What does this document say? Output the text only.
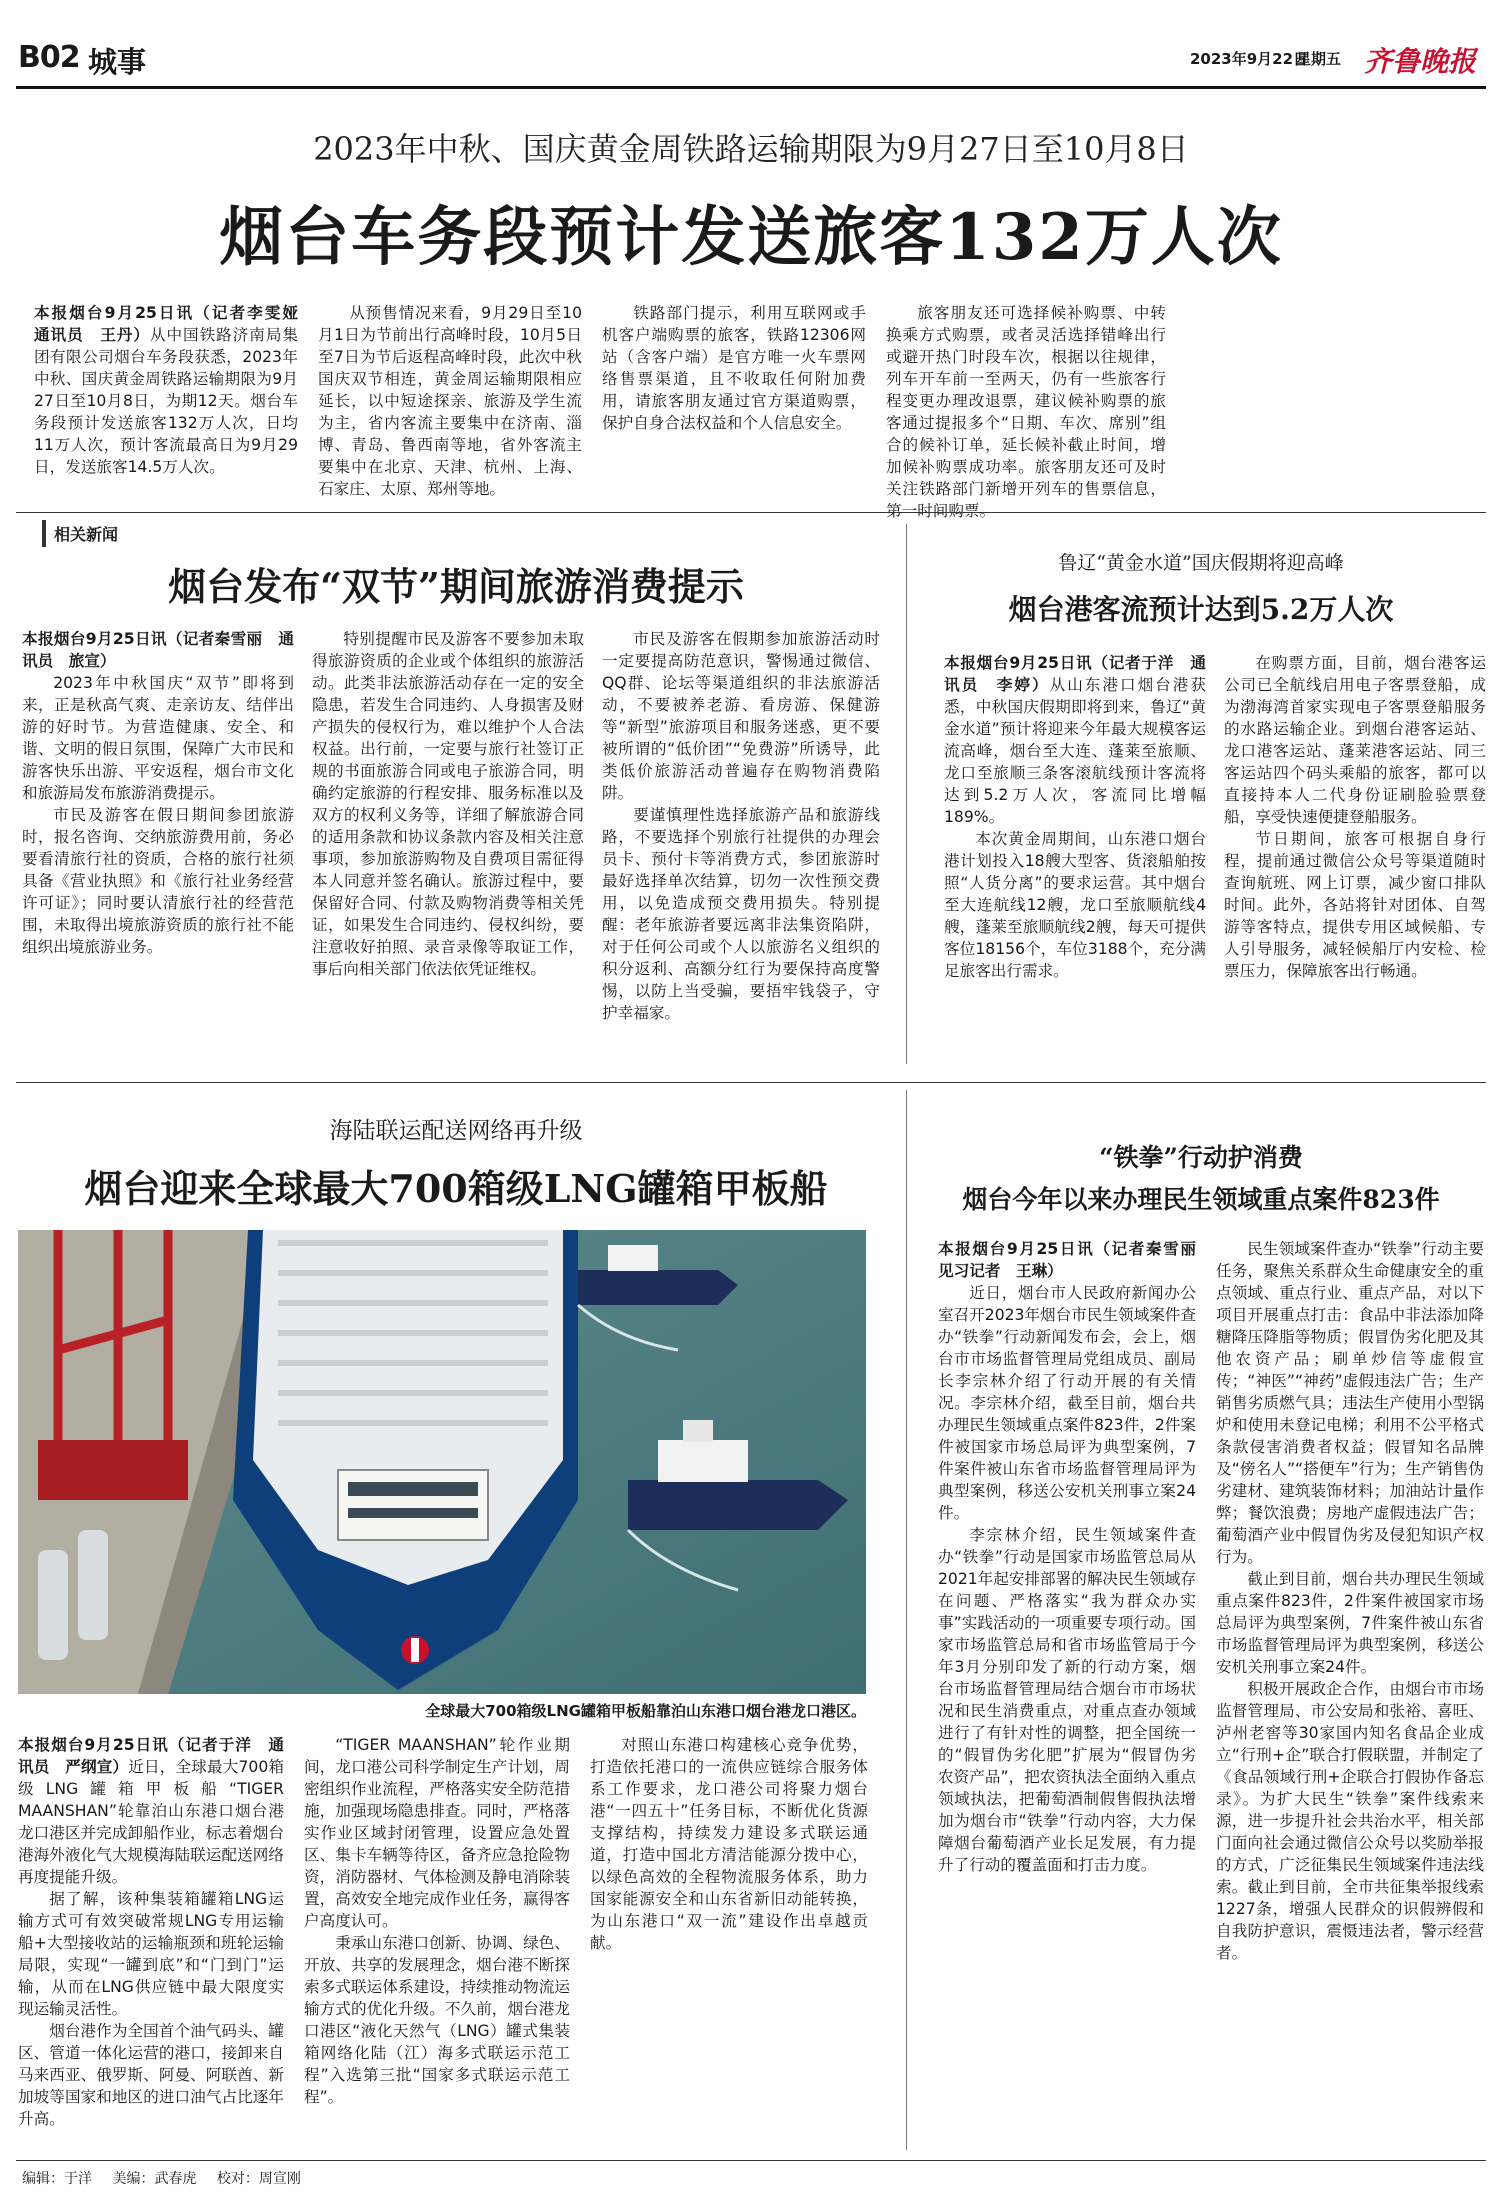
B02 城事	2023年9月22日
星期五 齐鲁晚报
2023年中秋、国庆黄金周铁路运输期限为9月27日至10月8日
烟台车务段预计发送旅客132万人次

本报烟台9月25日讯（记者李雯娅　通讯员　王丹）从中国铁路济南局集团有限公司烟台车务段获悉，2023年中秋、国庆黄金周铁路运输期限为9月27日至10月8日，为期12天。烟台车务段预计发送旅客132万人次，日均11万人次，预计客流最高日为9月29日，发送旅客14.5万人次。

从预售情况来看，9月29日至10月1日为节前出行高峰时段，10月5日至7日为节后返程高峰时段，此次中秋国庆双节相连，黄金周运输期限相应延长，以中短途探亲、旅游及学生流为主，省内客流主要集中在济南、淄博、青岛、鲁西南等地，省外客流主要集中在北京、天津、杭州、上海、石家庄、太原、郑州等地。

铁路部门提示，利用互联网或手机客户端购票的旅客，铁路12306网站（含客户端）是官方唯一火车票网络售票渠道，且不收取任何附加费用，请旅客朋友通过官方渠道购票，保护自身合法权益和个人信息安全。

旅客朋友还可选择候补购票、中转换乘方式购票，或者灵活选择错峰出行或避开热门时段车次，根据以往规律，列车开车前一至两天，仍有一些旅客行程变更办理改退票，建议候补购票的旅客通过提报多个“日期、车次、席别”组合的候补订单，延长候补截止时间，增加候补购票成功率。旅客朋友还可及时关注铁路部门新增开列车的售票信息，第一时间购票。

相关新闻
烟台发布“双节”期间旅游消费提示

本报烟台9月25日讯（记者秦雪丽　通讯员　旅宣）

2023年中秋国庆“双节”即将到来，正是秋高气爽、走亲访友、结伴出游的好时节。为营造健康、安全、和谐、文明的假日氛围，保障广大市民和游客快乐出游、平安返程，烟台市文化和旅游局发布旅游消费提示。

市民及游客在假日期间参团旅游时，报名咨询、交纳旅游费用前，务必要看清旅行社的资质，合格的旅行社须具备《营业执照》和《旅行社业务经营许可证》；同时要认清旅行社的经营范围，未取得出境旅游资质的旅行社不能组织出境旅游业务。

特别提醒市民及游客不要参加未取得旅游资质的企业或个体组织的旅游活动。此类非法旅游活动存在一定的安全隐患，若发生合同违约、人身损害及财产损失的侵权行为，难以维护个人合法权益。出行前，一定要与旅行社签订正规的书面旅游合同或电子旅游合同，明确约定旅游的行程安排、服务标准以及双方的权利义务等，详细了解旅游合同的适用条款和协议条款内容及相关注意事项，参加旅游购物及自费项目需征得本人同意并签名确认。旅游过程中，要保留好合同、付款及购物消费等相关凭证，如果发生合同违约、侵权纠纷，要注意收好拍照、录音录像等取证工作，事后向相关部门依法依凭证维权。

市民及游客在假期参加旅游活动时一定要提高防范意识，警惕通过微信、QQ群、论坛等渠道组织的非法旅游活动，不要被养老游、看房游、保健游等“新型”旅游项目和服务迷惑，更不要被所谓的“低价团”“免费游”所诱导，此类低价旅游活动普遍存在购物消费陷阱。

要谨慎理性选择旅游产品和旅游线路，不要选择个别旅行社提供的办理会员卡、预付卡等消费方式，参团旅游时最好选择单次结算，切勿一次性预交费用，以免造成预交费用损失。特别提醒：老年旅游者要远离非法集资陷阱，对于任何公司或个人以旅游名义组织的积分返利、高额分红行为要保持高度警惕，以防上当受骗，要捂牢钱袋子，守护幸福家。

鲁辽“黄金水道”国庆假期将迎高峰
烟台港客流预计达到5.2万人次

本报烟台9月25日讯（记者于洋　通讯员　李婷）从山东港口烟台港获悉，中秋国庆假期即将到来，鲁辽“黄金水道”预计将迎来今年最大规模客运流高峰，烟台至大连、蓬莱至旅顺、龙口至旅顺三条客滚航线预计客流将达到5.2万人次，客流同比增幅189%。

本次黄金周期间，山东港口烟台港计划投入18艘大型客、货滚船舶按照“人货分离”的要求运营。其中烟台至大连航线12艘，龙口至旅顺航线4艘，蓬莱至旅顺航线2艘，每天可提供客位18156个，车位3188个，充分满足旅客出行需求。

在购票方面，目前，烟台港客运公司已全航线启用电子客票登船，成为渤海湾首家实现电子客票登船服务的水路运输企业。到烟台港客运站、龙口港客运站、蓬莱港客运站、同三客运站四个码头乘船的旅客，都可以直接持本人二代身份证刷脸验票登船，享受快速便捷登船服务。

节日期间，旅客可根据自身行程，提前通过微信公众号等渠道随时查询航班、网上订票，减少窗口排队时间。此外，各站将针对团体、自驾游等客特点，提供专用区域候船、专人引导服务，减轻候船厅内安检、检票压力，保障旅客出行畅通。

海陆联运配送网络再升级
烟台迎来全球最大700箱级LNG罐箱甲板船
全球最大700箱级LNG罐箱甲板船靠泊山东港口烟台港龙口港区。

本报烟台9月25日讯（记者于洋　通讯员　严纲宣）近日，全球最大700箱级LNG罐箱甲板船“TIGER MAANSHAN”轮靠泊山东港口烟台港龙口港区并完成卸船作业，标志着烟台港海外液化气大规模海陆联运配送网络再度提能升级。

据了解，该种集装箱罐箱LNG运输方式可有效突破常规LNG专用运输船+大型接收站的运输瓶颈和班轮运输局限，实现“一罐到底”和“门到门”运输，从而在LNG供应链中最大限度实现运输灵活性。

烟台港作为全国首个油气码头、罐区、管道一体化运营的港口，接卸来自马来西亚、俄罗斯、阿曼、阿联酋、新加坡等国家和地区的进口油气占比逐年升高。

“TIGER MAANSHAN”轮作业期间，龙口港公司科学制定生产计划，周密组织作业流程，严格落实安全防范措施，加强现场隐患排查。同时，严格落实作业区域封闭管理，设置应急处置区、集卡车辆等待区，备齐应急抢险物资，消防器材、气体检测及静电消除装置，高效安全地完成作业任务，赢得客户高度认可。

秉承山东港口创新、协调、绿色、开放、共享的发展理念，烟台港不断探索多式联运体系建设，持续推动物流运输方式的优化升级。不久前，烟台港龙口港区“液化天然气（LNG）罐式集装箱网络化陆（江）海多式联运示范工程”入选第三批“国家多式联运示范工程”。

对照山东港口构建核心竞争优势，打造依托港口的一流供应链综合服务体系工作要求，龙口港公司将聚力烟台港“一四五十”任务目标，不断优化货源支撑结构，持续发力建设多式联运通道，打造中国北方清洁能源分拨中心，以绿色高效的全程物流服务体系，助力国家能源安全和山东省新旧动能转换，为山东港口“双一流”建设作出卓越贡献。

“铁拳”行动护消费
烟台今年以来办理民生领域重点案件823件

本报烟台9月25日讯（记者秦雪丽　见习记者　王琳）

近日，烟台市人民政府新闻办公室召开2023年烟台市民生领域案件查办“铁拳”行动新闻发布会，会上，烟台市市场监督管理局党组成员、副局长李宗林介绍了行动开展的有关情况。李宗林介绍，截至目前，烟台共办理民生领域重点案件823件，2件案件被国家市场总局评为典型案例，7件案件被山东省市场监督管理局评为典型案例，移送公安机关刑事立案24件。

李宗林介绍，民生领域案件查办“铁拳”行动是国家市场监管总局从2021年起安排部署的解决民生领域存在问题、严格落实“我为群众办实事”实践活动的一项重要专项行动。国家市场监管总局和省市场监管局于今年3月分别印发了新的行动方案，烟台市场监督管理局结合烟台市市场状况和民生消费重点，对重点查办领域进行了有针对性的调整，把全国统一的“假冒伪劣化肥”扩展为“假冒伪劣农资产品”，把农资执法全面纳入重点领域执法，把葡萄酒制假售假执法增加为烟台市“铁拳”行动内容，大力保障烟台葡萄酒产业长足发展，有力提升了行动的覆盖面和打击力度。

民生领域案件查办“铁拳”行动主要任务，聚焦关系群众生命健康安全的重点领域、重点行业、重点产品，对以下项目开展重点打击：食品中非法添加降糖降压降脂等物质；假冒伪劣化肥及其他农资产品；刷单炒信等虚假宣传；“神医”“神药”虚假违法广告；生产销售劣质燃气具；违法生产使用小型锅炉和使用未登记电梯；利用不公平格式条款侵害消费者权益；假冒知名品牌及“傍名人”“搭便车”行为；生产销售伪劣建材、建筑装饰材料；加油站计量作弊；餐饮浪费；房地产虚假违法广告；葡萄酒产业中假冒伪劣及侵犯知识产权行为。

截止到目前，烟台共办理民生领域重点案件823件，2件案件被国家市场总局评为典型案例，7件案件被山东省市场监督管理局评为典型案例，移送公安机关刑事立案24件。

积极开展政企合作，由烟台市市场监督管理局、市公安局和张裕、喜旺、泸州老窖等30家国内知名食品企业成立“行刑+企”联合打假联盟，并制定了《食品领域行刑+企联合打假协作备忘录》。为扩大民生“铁拳”案件线索来源，进一步提升社会共治水平，相关部门面向社会通过微信公众号以奖励举报的方式，广泛征集民生领域案件违法线索。截止到目前，全市共征集举报线索1227条，增强人民群众的识假辨假和自我防护意识，震慑违法者，警示经营者。

编辑：于洋 美编：武春虎 校对：周宣刚
